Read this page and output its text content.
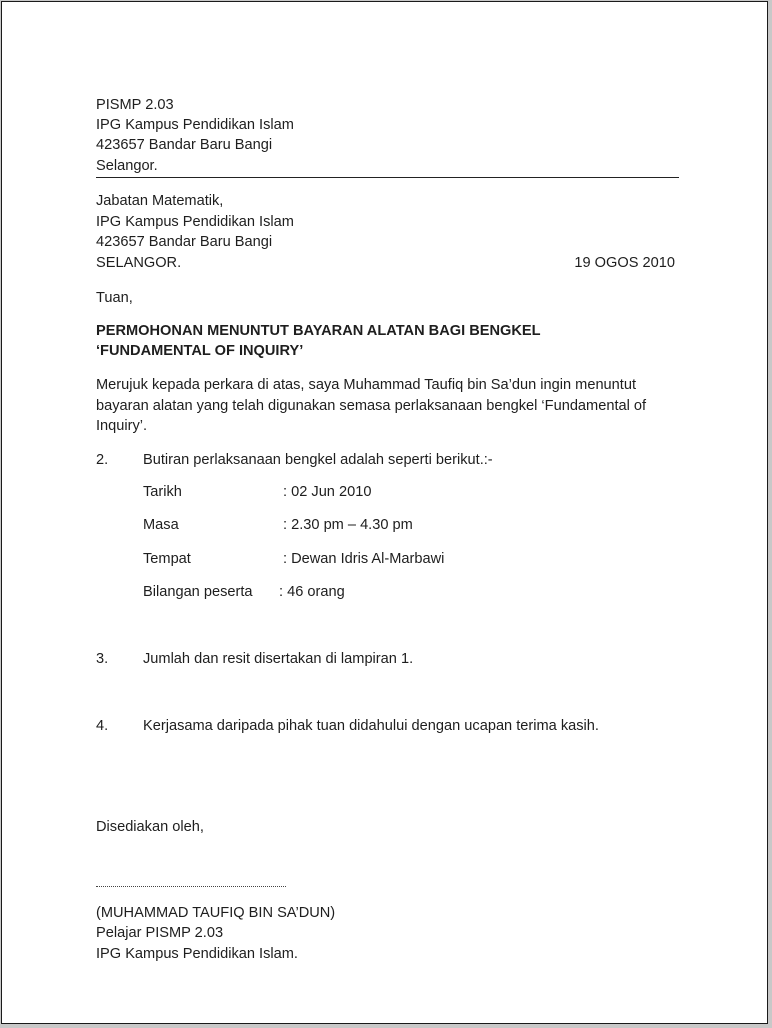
PISMP 2.03
IPG Kampus Pendidikan Islam
423657 Bandar Baru Bangi
Selangor.
Jabatan Matematik,
IPG Kampus Pendidikan Islam
423657 Bandar Baru Bangi
SELANGOR.	19 OGOS 2010
Tuan,
PERMOHONAN MENUNTUT BAYARAN ALATAN BAGI BENGKEL
‘FUNDAMENTAL OF INQUIRY’
Merujuk kepada perkara di atas, saya Muhammad Taufiq bin Sa’dun ingin menuntut bayaran alatan yang telah digunakan semasa perlaksanaan bengkel ‘Fundamental of Inquiry’.
2. Butiran perlaksanaan bengkel adalah seperti berikut.:-
Tarikh	: 02 Jun 2010
Masa	: 2.30 pm – 4.30 pm
Tempat	: Dewan Idris Al-Marbawi
Bilangan peserta : 46 orang
3. Jumlah dan resit disertakan di lampiran 1.
4. Kerjasama daripada pihak tuan didahului dengan ucapan terima kasih.
Disediakan oleh,
(MUHAMMAD TAUFIQ BIN SA’DUN)
Pelajar PISMP 2.03
IPG Kampus Pendidikan Islam.
